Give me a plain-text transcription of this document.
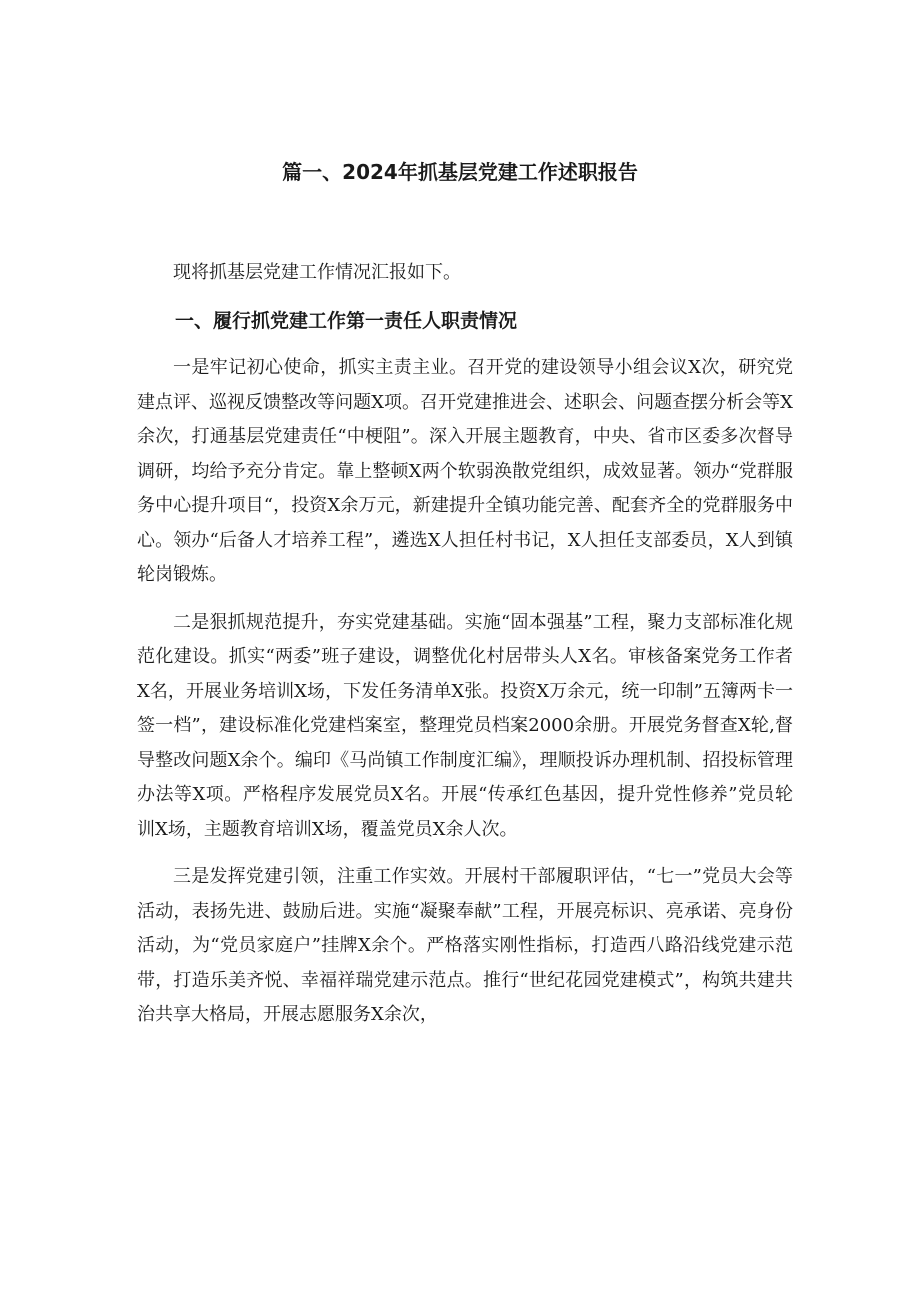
篇一、2024年抓基层党建工作述职报告

现将抓基层党建工作情况汇报如下。

一、履行抓党建工作第一责任人职责情况

一是牢记初心使命，抓实主责主业。召开党的建设领导小组会议X次，研究党建点评、巡视反馈整改等问题X项。召开党建推进会、述职会、问题查摆分析会等X余次，打通基层党建责任“中梗阻”。深入开展主题教育，中央、省市区委多次督导调研，均给予充分肯定。靠上整顿X两个软弱涣散党组织，成效显著。领办“党群服务中心提升项目“，投资X余万元，新建提升全镇功能完善、配套齐全的党群服务中心。领办“后备人才培养工程”，遴选X人担任村书记，X人担任支部委员，X人到镇轮岗锻炼。

二是狠抓规范提升，夯实党建基础。实施“固本强基”工程，聚力支部标准化规范化建设。抓实“两委”班子建设，调整优化村居带头人X名。审核备案党务工作者X名，开展业务培训X场，下发任务清单X张。投资X万余元，统一印制”五簿两卡一签一档”，建设标准化党建档案室，整理党员档案2000余册。开展党务督查X轮,督导整改问题X余个。编印《马尚镇工作制度汇编》，理顺投诉办理机制、招投标管理办法等X项。严格程序发展党员X名。开展“传承红色基因，提升党性修养”党员轮训X场，主题教育培训X场，覆盖党员X余人次。

三是发挥党建引领，注重工作实效。开展村干部履职评估，“七一”党员大会等活动，表扬先进、鼓励后进。实施“凝聚奉献”工程，开展亮标识、亮承诺、亮身份活动，为“党员家庭户”挂牌X余个。严格落实刚性指标，打造西八路沿线党建示范带，打造乐美齐悦、幸福祥瑞党建示范点。推行“世纪花园党建模式”，构筑共建共治共享大格局，开展志愿服务X余次，
